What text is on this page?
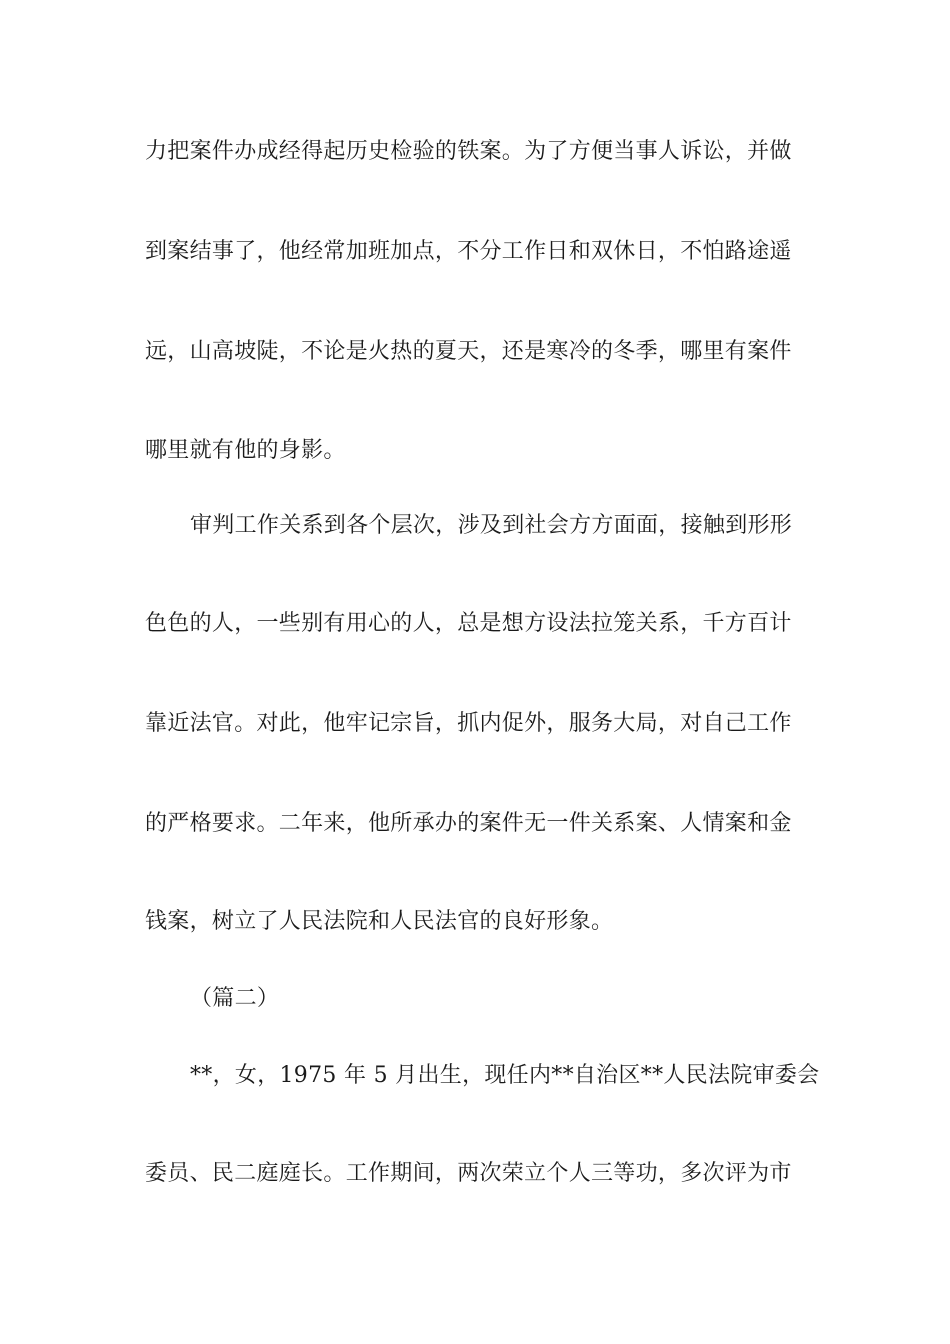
力把案件办成经得起历史检验的铁案。为了方便当事人诉讼，并做
到案结事了，他经常加班加点，不分工作日和双休日，不怕路途遥
远，山高坡陡，不论是火热的夏天，还是寒冷的冬季，哪里有案件
哪里就有他的身影。
审判工作关系到各个层次，涉及到社会方方面面，接触到形形
色色的人，一些别有用心的人，总是想方设法拉笼关系，千方百计
靠近法官。对此，他牢记宗旨，抓内促外，服务大局，对自己工作
的严格要求。二年来，他所承办的案件无一件关系案、人情案和金
钱案，树立了人民法院和人民法官的良好形象。
（篇二）
**，女，1975 年 5 月出生，现任内**自治区**人民法院审委会
委员、民二庭庭长。工作期间，两次荣立个人三等功，多次评为市
